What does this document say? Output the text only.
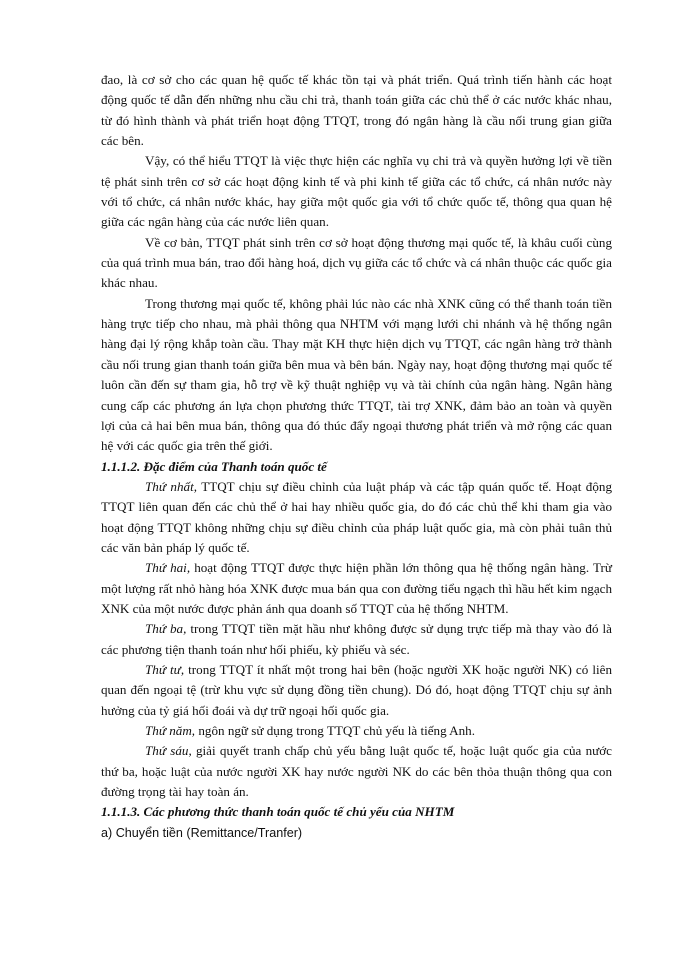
đao, là cơ sở cho các quan hệ quốc tế khác tồn tại và phát triển. Quá trình tiến hành các hoạt động quốc tế dẫn đến những nhu cầu chi trả, thanh toán giữa các chủ thể ở các nước khác nhau, từ đó hình thành và phát triển hoạt động TTQT, trong đó ngân hàng là cầu nối trung gian giữa các bên.

Vậy, có thể hiểu TTQT là việc thực hiện các nghĩa vụ chi trả và quyền hưởng lợi về tiền tệ phát sinh trên cơ sở các hoạt động kinh tế và phi kinh tế giữa các tổ chức, cá nhân nước này với tổ chức, cá nhân nước khác, hay giữa một quốc gia với tổ chức quốc tế, thông qua quan hệ giữa các ngân hàng của các nước liên quan.

Về cơ bản, TTQT phát sinh trên cơ sở hoạt động thương mại quốc tế, là khâu cuối cùng của quá trình mua bán, trao đổi hàng hoá, dịch vụ giữa các tổ chức và cá nhân thuộc các quốc gia khác nhau.

Trong thương mại quốc tế, không phải lúc nào các nhà XNK cũng có thể thanh toán tiền hàng trực tiếp cho nhau, mà phải thông qua NHTM với mạng lưới chi nhánh và hệ thống ngân hàng đại lý rộng khắp toàn cầu. Thay mặt KH thực hiện dịch vụ TTQT, các ngân hàng trở thành cầu nối trung gian thanh toán giữa bên mua và bên bán. Ngày nay, hoạt động thương mại quốc tế luôn cần đến sự tham gia, hỗ trợ về kỹ thuật nghiệp vụ và tài chính của ngân hàng. Ngân hàng cung cấp các phương án lựa chọn phương thức TTQT, tài trợ XNK, đảm bảo an toàn và quyền lợi của cả hai bên mua bán, thông qua đó thúc đẩy ngoại thương phát triển và mở rộng các quan hệ với các quốc gia trên thế giới.

1.1.1.2. Đặc điểm của Thanh toán quốc tế

Thứ nhất, TTQT chịu sự điều chỉnh của luật pháp và các tập quán quốc tế. Hoạt động TTQT liên quan đến các chủ thể ở hai hay nhiều quốc gia, do đó các chủ thể khi tham gia vào hoạt động TTQT không những chịu sự điều chỉnh của pháp luật quốc gia, mà còn phải tuân thủ các văn bản pháp lý quốc tế.

Thứ hai, hoạt động TTQT được thực hiện phần lớn thông qua hệ thống ngân hàng. Trừ một lượng rất nhỏ hàng hóa XNK được mua bán qua con đường tiểu ngạch thì hầu hết kim ngạch XNK của một nước được phản ánh qua doanh số TTQT của hệ thống NHTM.

Thứ ba, trong TTQT tiền mặt hầu như không được sử dụng trực tiếp mà thay vào đó là các phương tiện thanh toán như hối phiếu, kỳ phiếu và séc.

Thứ tư, trong TTQT ít nhất một trong hai bên (hoặc người XK hoặc người NK) có liên quan đến ngoại tệ (trừ khu vực sử dụng đồng tiền chung). Dó đó, hoạt động TTQT chịu sự ảnh hưởng của tỷ giá hối đoái và dự trữ ngoại hối quốc gia.

Thứ năm, ngôn ngữ sử dụng trong TTQT chủ yếu là tiếng Anh.

Thứ sáu, giải quyết tranh chấp chủ yếu bằng luật quốc tế, hoặc luật quốc gia của nước thứ ba, hoặc luật của nước người XK hay nước người NK do các bên thỏa thuận thông qua con đường trọng tài hay toàn án.

1.1.1.3. Các phương thức thanh toán quốc tế chủ yếu của NHTM

a) Chuyển tiền (Remittance/Tranfer)
